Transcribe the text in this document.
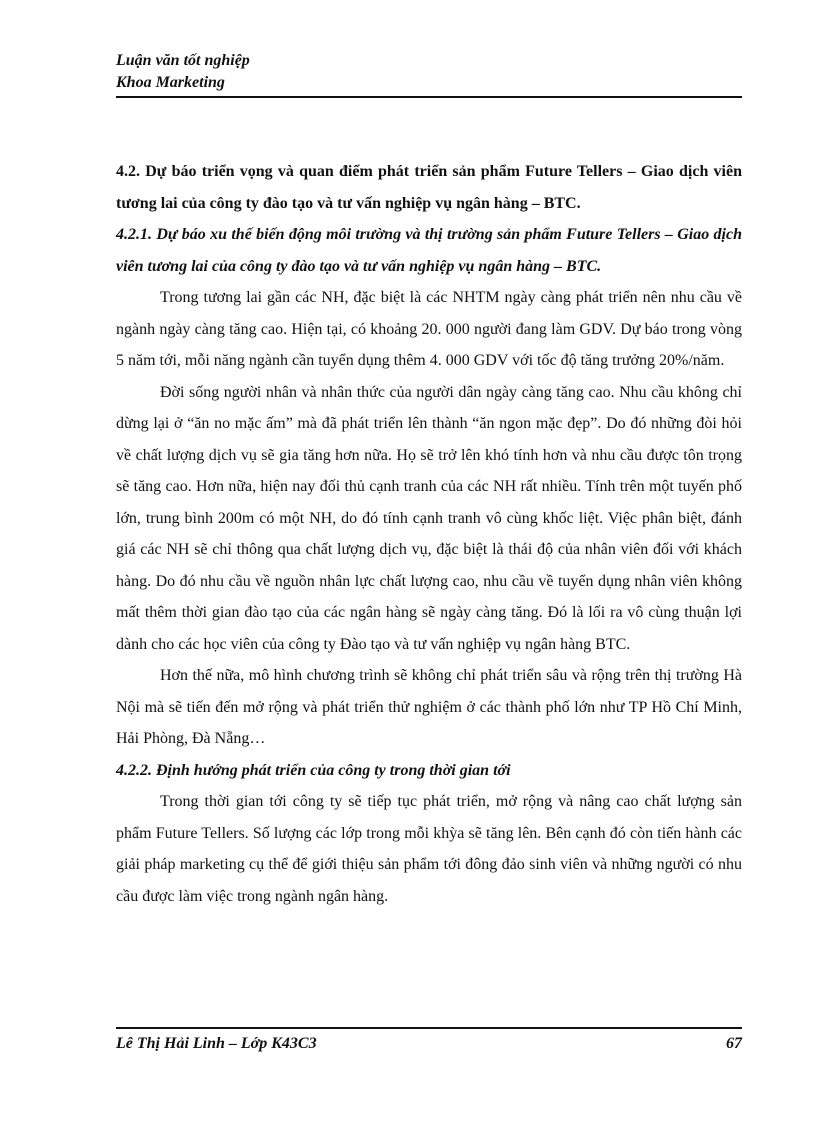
Luận văn tốt nghiệp
Khoa Marketing

4.2. Dự báo triển vọng và quan điểm phát triển sản phẩm Future Tellers – Giao dịch viên tương lai của công ty đào tạo và tư vấn nghiệp vụ ngân hàng – BTC.

4.2.1. Dự báo xu thế biến động môi trường và thị trường sản phẩm Future Tellers – Giao dịch viên tương lai của công ty đào tạo và tư vấn nghiệp vụ ngân hàng – BTC.

Trong tương lai gần các NH, đặc biệt là các NHTM ngày càng phát triển nên nhu cầu về ngành ngày càng tăng cao. Hiện tại, có khoảng 20. 000 người đang làm GDV. Dự báo trong vòng 5 năm tới, mỗi năng ngành cần tuyển dụng thêm 4. 000 GDV với tốc độ tăng trưởng 20%/năm.

Đời sống người nhân và nhân thức của người dân ngày càng tăng cao. Nhu cầu không chỉ dừng lại ở “ăn no mặc ấm” mà đã phát triển lên thành “ăn ngon mặc đẹp”. Do đó những đòi hỏi về chất lượng dịch vụ sẽ gia tăng hơn nữa. Họ sẽ trở lên khó tính hơn và nhu cầu được tôn trọng sẽ tăng cao. Hơn nữa, hiện nay đối thủ cạnh tranh của các NH rất nhiều. Tính trên một tuyến phố lớn, trung bình 200m có một NH, do đó tính cạnh tranh vô cùng khốc liệt. Việc phân biệt, đánh giá các NH sẽ chỉ thông qua chất lượng dịch vụ, đặc biệt là thái độ của nhân viên đối với khách hàng. Do đó nhu cầu về nguồn nhân lực chất lượng cao, nhu cầu về tuyển dụng nhân viên không mất thêm thời gian đào tạo của các ngân hàng sẽ ngày càng tăng. Đó là lối ra vô cùng thuận lợi dành cho các học viên của công ty Đào tạo và tư vấn nghiệp vụ ngân hàng BTC.

Hơn thế nữa, mô hình chương trình sẽ không chỉ phát triển sâu và rộng trên thị trường Hà Nội mà sẽ tiến đến mở rộng và phát triển thử nghiệm ở các thành phố lớn như TP Hồ Chí Minh, Hải Phòng, Đà Nẵng…

4.2.2. Định hướng phát triển của công ty trong thời gian tới

Trong thời gian tới công ty sẽ tiếp tục phát triển, mở rộng và nâng cao chất lượng sản phẩm Future Tellers. Số lượng các lớp trong mỗi khỳa sẽ tăng lên. Bên cạnh đó còn tiến hành các giải pháp marketing cụ thể để giới thiệu sản phẩm tới đông đảo sinh viên và những người có nhu cầu được làm việc trong ngành ngân hàng.

Lê Thị Hải Linh – Lớp K43C3	67
